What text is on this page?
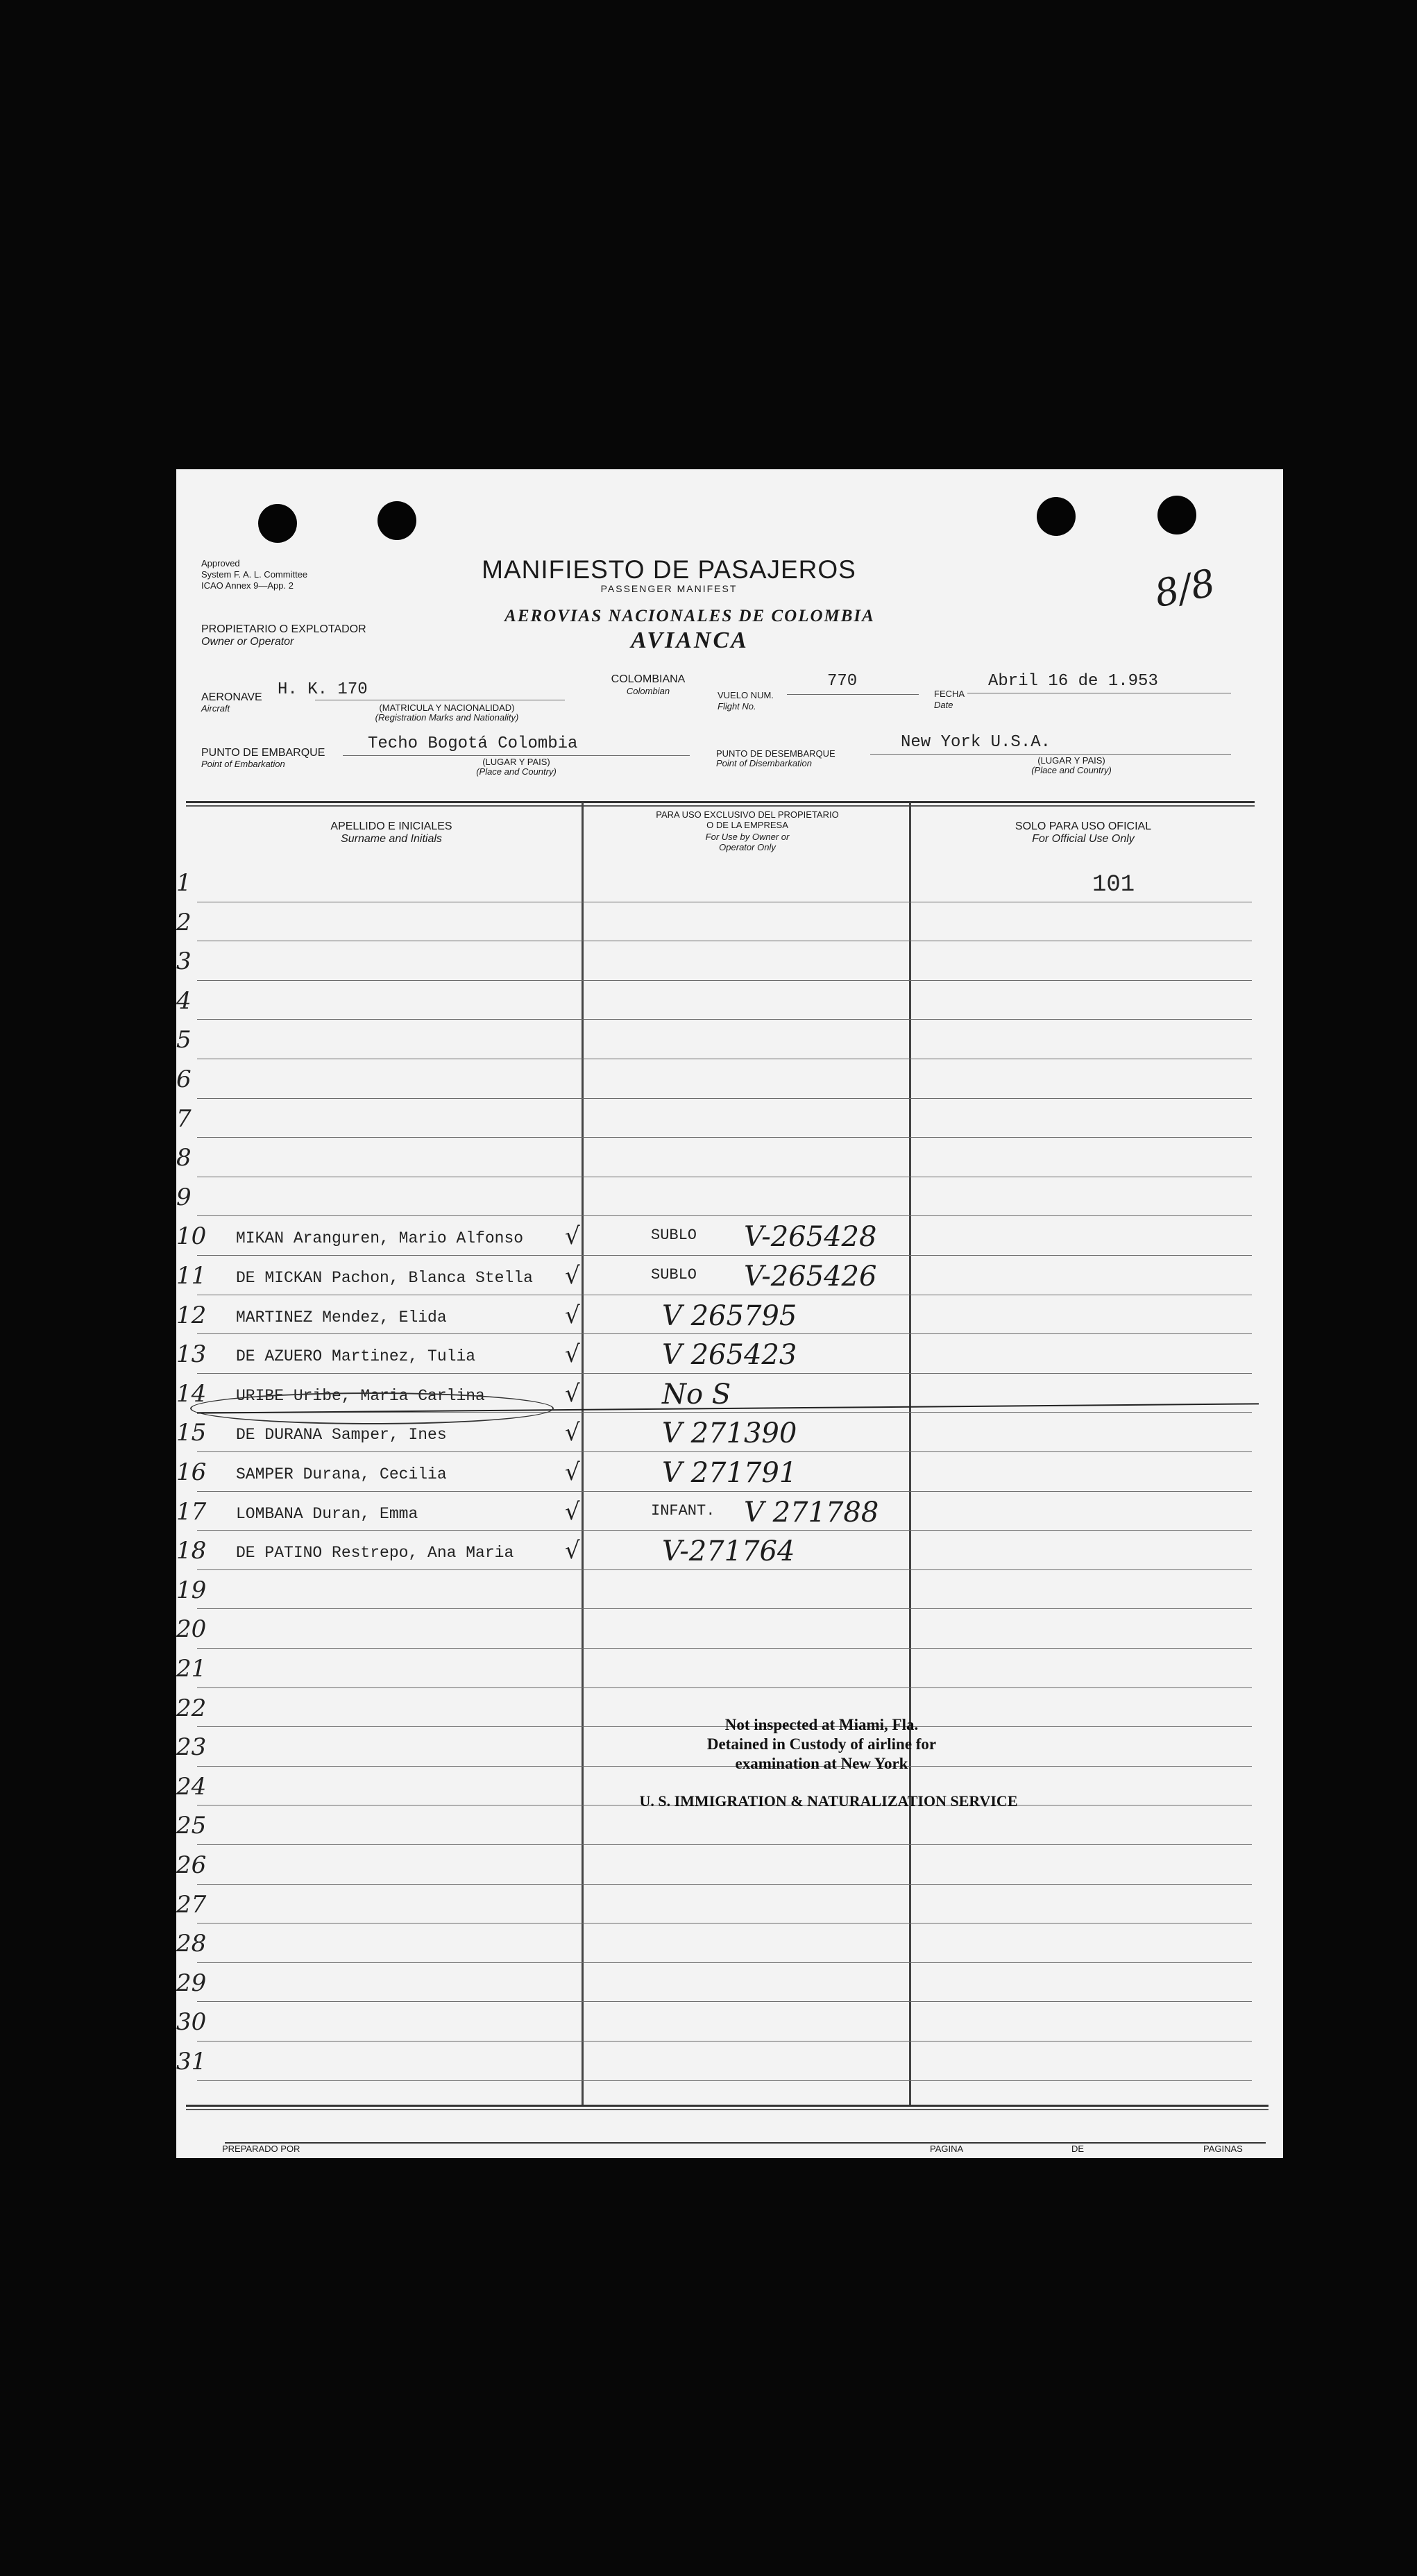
Approved
System F. A. L. Committee
ICAO Annex 9—App. 2
PROPIETARIO O EXPLOTADOR
Owner or Operator
MANIFIESTO DE PASAJEROS
PASSENGER MANIFEST
AEROVIAS NACIONALES DE COLOMBIA
AVIANCA
8/8
AERONAVE
Aircraft
H. K. 170
(MATRICULA Y NACIONALIDAD)
(Registration Marks and Nationality)
COLOMBIANA
Colombian	VUELO NUM.
Flight No.
770
FECHA
Date
Abril 16 de 1.953
PUNTO DE EMBARQUE
Point of Embarkation
Techo Bogotá Colombia
(LUGAR Y PAIS)
(Place and Country)
PUNTO DE DESEMBARQUE
Point of Disembarkation
New York U.S.A.
(LUGAR Y PAIS)
(Place and Country)
APELLIDO E INICIALES
Surname and Initials
PARA USO EXCLUSIVO DEL PROPIETARIO
O DE LA EMPRESA
For Use by Owner or
Operator Only
SOLO PARA USO OFICIAL
For Official Use Only
101
1
2
3
4
5
6
7
8
9
10	MIKAN Aranguren, Mario Alfonso √	SUBLO V-265428
11	DE MICKAN Pachon, Blanca Stella √	SUBLO V-265426
12	MARTINEZ Mendez, Elida	√	V 265795
13	DE AZUERO Martinez, Tulia	√	V 265423
14	URIBE Uribe, Maria Carlina	√	No S
15	DE DURANA Samper, Ines	√	V 271390
16	SAMPER Durana, Cecilia	√	V 271791
17	LOMBANA Duran, Emma	√	INFANT. V 271788
18	DE PATINO Restrepo, Ana Maria √	V-271764
19
20
21
22
23
24
25
26
27
28
29
30
31
Not inspected at Miami, Fla.
Detained in Custody of airline for
examination at New York
U. S. IMMIGRATION & NATURALIZATION SERVICE
PREPARADO POR	PAGINA	DE	PAGINAS
